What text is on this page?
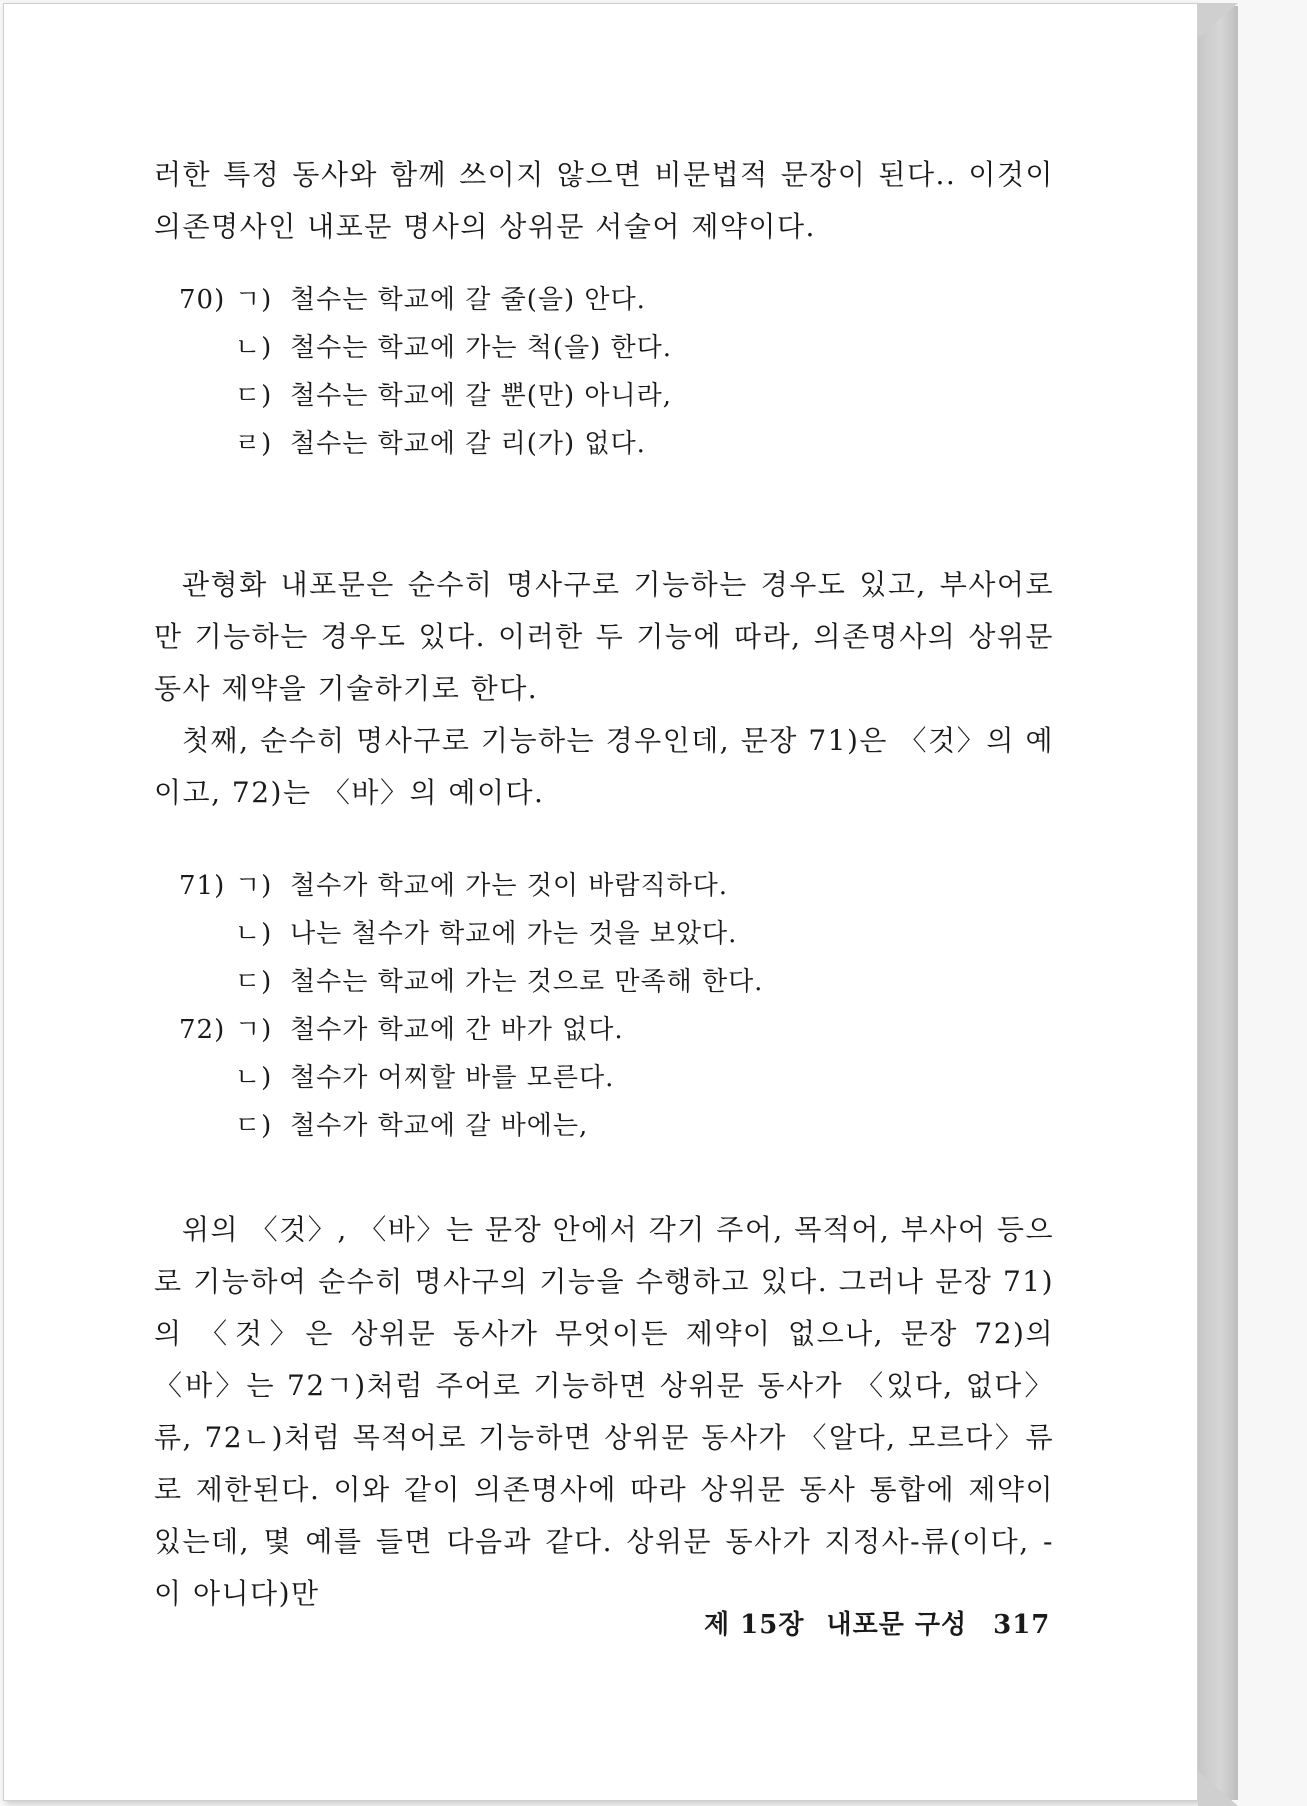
러한 특정 동사와 함께 쓰이지 않으면 비문법적 문장이 된다.. 이것이 의존명사인 내포문 명사의 상위문 서술어 제약이다.

70) ㄱ) 철수는 학교에 갈 줄(을) 안다.
ㄴ) 철수는 학교에 가는 척(을) 한다.
ㄷ) 철수는 학교에 갈 뿐(만) 아니라,
ㄹ) 철수는 학교에 갈 리(가) 없다.

관형화 내포문은 순수히 명사구로 기능하는 경우도 있고, 부사어로만 기능하는 경우도 있다. 이러한 두 기능에 따라, 의존명사의 상위문 동사 제약을 기술하기로 한다.

첫째, 순수히 명사구로 기능하는 경우인데, 문장 71)은 〈것〉의 예이고, 72)는 〈바〉의 예이다.

71) ㄱ) 철수가 학교에 가는 것이 바람직하다.
ㄴ) 나는 철수가 학교에 가는 것을 보았다.
ㄷ) 철수는 학교에 가는 것으로 만족해 한다.
72) ㄱ) 철수가 학교에 간 바가 없다.
ㄴ) 철수가 어찌할 바를 모른다.
ㄷ) 철수가 학교에 갈 바에는,

위의 〈것〉, 〈바〉는 문장 안에서 각기 주어, 목적어, 부사어 등으로 기능하여 순수히 명사구의 기능을 수행하고 있다. 그러나 문장 71)의 〈것〉은 상위문 동사가 무엇이든 제약이 없으나, 문장 72)의 〈바〉는 72ㄱ)처럼 주어로 기능하면 상위문 동사가 〈있다, 없다〉류, 72ㄴ)처럼 목적어로 기능하면 상위문 동사가 〈알다, 모르다〉류로 제한된다. 이와 같이 의존명사에 따라 상위문 동사 통합에 제약이 있는데, 몇 예를 들면 다음과 같다. 상위문 동사가 지정사-류(이다, -이 아니다)만

제 15장 내포문 구성 317
